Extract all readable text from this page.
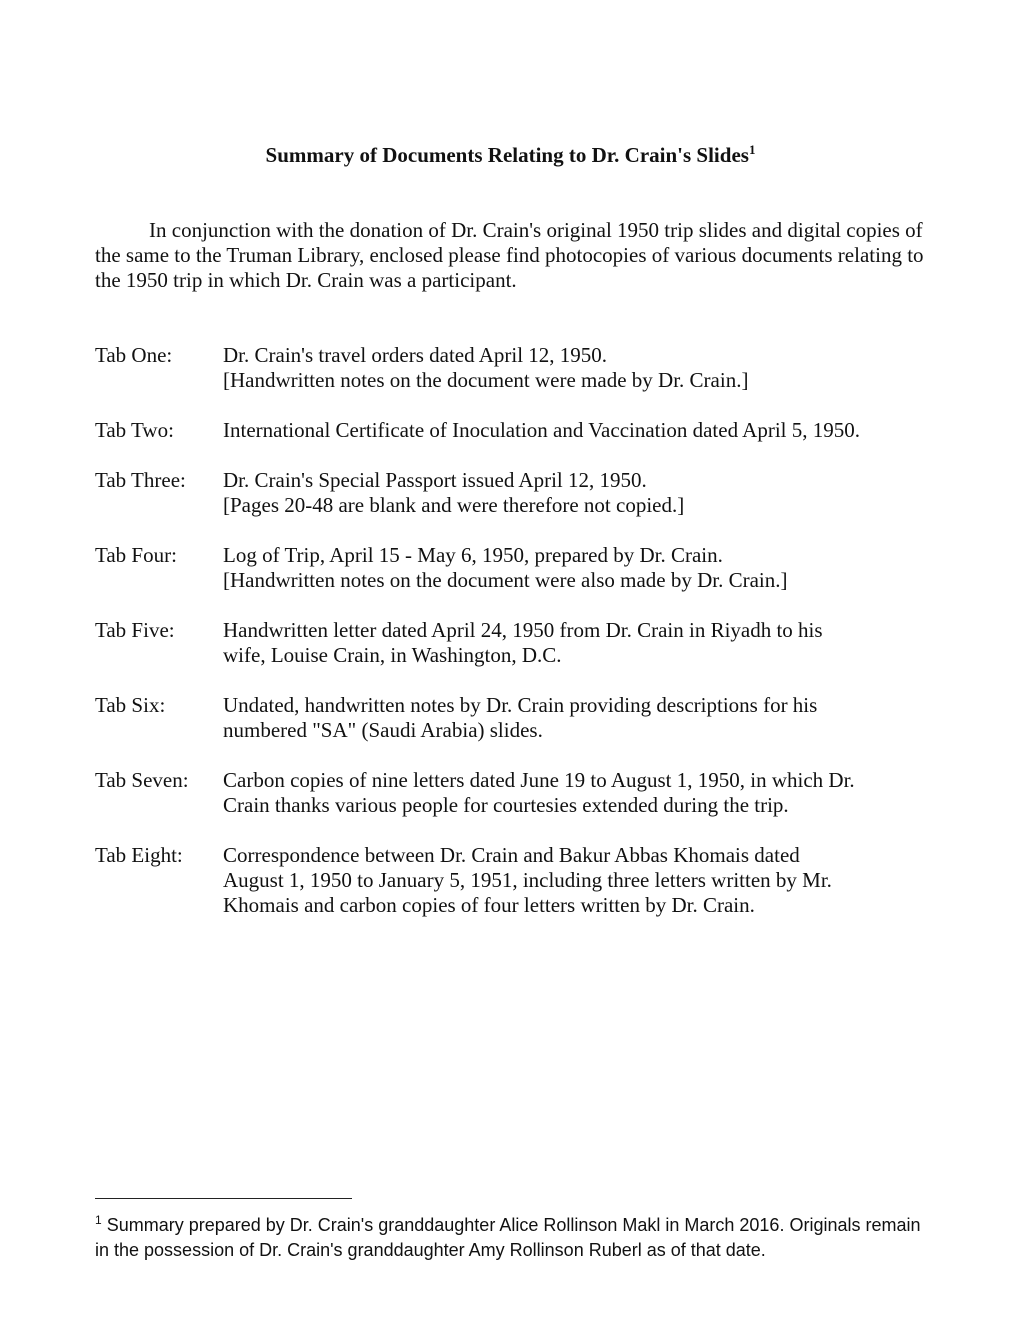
Summary of Documents Relating to Dr. Crain's Slides$^1$
In conjunction with the donation of Dr. Crain's original 1950 trip slides and digital copies of the same to the Truman Library, enclosed please find photocopies of various documents relating to the 1950 trip in which Dr. Crain was a participant.
Tab One:	Dr. Crain's travel orders dated April 12, 1950.
[Handwritten notes on the document were made by Dr. Crain.]
Tab Two:	International Certificate of Inoculation and Vaccination dated April 5, 1950.
Tab Three:	Dr. Crain's Special Passport issued April 12, 1950.
[Pages 20-48 are blank and were therefore not copied.]
Tab Four:	Log of Trip, April 15 - May 6, 1950, prepared by Dr. Crain.
[Handwritten notes on the document were also made by Dr. Crain.]
Tab Five:	Handwritten letter dated April 24, 1950 from Dr. Crain in Riyadh to his
wife, Louise Crain, in Washington, D.C.
Tab Six:	Undated, handwritten notes by Dr. Crain providing descriptions for his
numbered "SA" (Saudi Arabia) slides.
Tab Seven:	Carbon copies of nine letters dated June 19 to August 1, 1950, in which Dr.
Crain thanks various people for courtesies extended during the trip.
Tab Eight:	Correspondence between Dr. Crain and Bakur Abbas Khomais dated
August 1, 1950 to January 5, 1951, including three letters written by Mr.
Khomais and carbon copies of four letters written by Dr. Crain.
$^1$ Summary prepared by Dr. Crain's granddaughter Alice Rollinson Makl in March 2016. Originals remain in the possession of Dr. Crain's granddaughter Amy Rollinson Ruberl as of that date.
